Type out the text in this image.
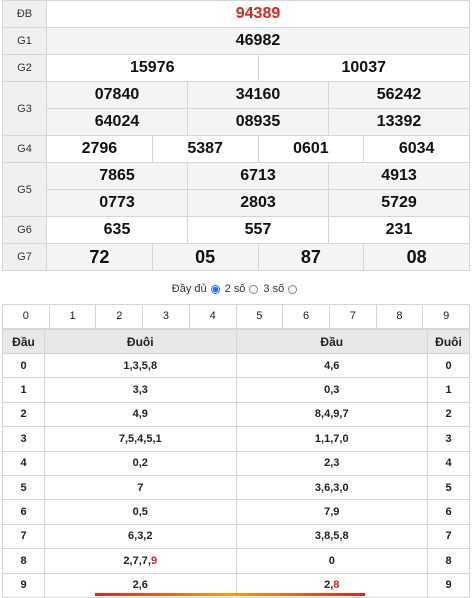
ĐB	94389					
G1	46982					
G2	15976			10037		
G3	07840		34160		56242	
	64024		08935		13392	
G4	2796	5387		0601		6034
G5	7865		6713		4913	
	0773		2803		5729	
G6	635		557		231	
G7	72	05		87		08
Đầy đủ 2 số 3 số
0	1	2	3	4	5	6	7	8	9
Đầu	Đuôi	Đầu	Đuôi
0	1,3,5,8	4,6	0
1	3,3	0,3	1
2	4,9	8,4,9,7	2
3	7,5,4,5,1	1,1,7,0	3
4	0,2	2,3	4
5	7	3,6,3,0	5
6	0,5	7,9	6
7	6,3,2	3,8,5,8	7
8	2,7,7,9	0	8
9	2,6	2,8	9
